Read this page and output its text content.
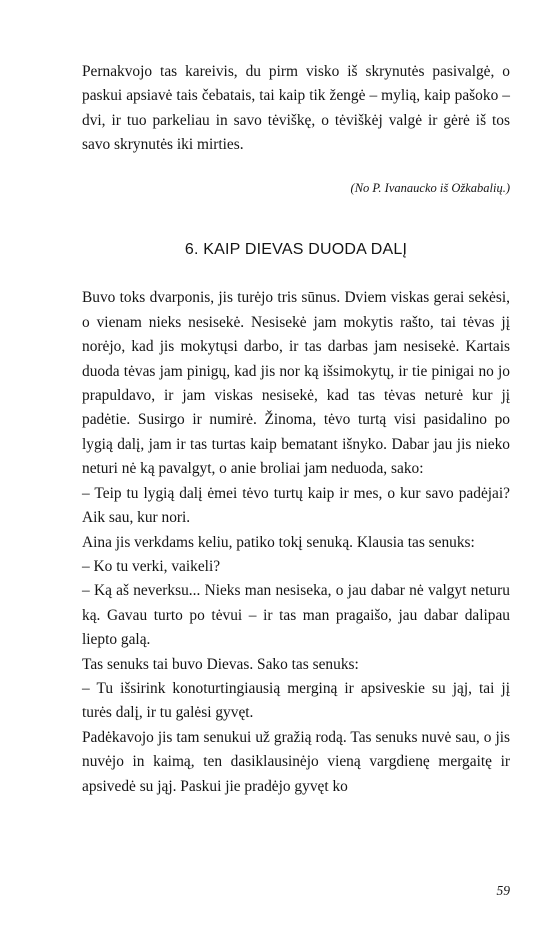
Pernakvojo tas kareivis, du pirm visko iš skrynutės pasivalgė, o paskui apsiavė tais čebatais, tai kaip tik žengė – mylią, kaip pašoko – dvi, ir tuo parkeliau in savo tėviškę, o tėviškėj valgė ir gėrė iš tos savo skrynutės iki mirties.

(No P. Ivanaucko iš Ožkabalių.)

6. KAIP DIEVAS DUODA DALĮ

Buvo toks dvarponis, jis turėjo tris sūnus. Dviem viskas gerai sekėsi, o vienam nieks nesisekė. Nesisekė jam mokytis rašto, tai tėvas jį norėjo, kad jis mokytųsi darbo, ir tas darbas jam nesisekė. Kartais duoda tėvas jam pinigų, kad jis nor ką išsimokytų, ir tie pinigai no jo prapuldavo, ir jam viskas nesisekė, kad tas tėvas neturė kur jį padėtie. Susirgo ir numirė. Žinoma, tėvo turtą visi pasidalino po lygią dalį, jam ir tas turtas kaip bematant išnyko. Dabar jau jis nieko neturi nė ką pavalgyt, o anie broliai jam neduoda, sako:

– Teip tu lygią dalį ėmei tėvo turtų kaip ir mes, o kur savo padėjai? Aik sau, kur nori.

Aina jis verkdams keliu, patiko tokį senuką. Klausia tas senuks:

– Ko tu verki, vaikeli?

– Ką aš neverksu... Nieks man nesiseka, o jau dabar nė valgyt neturu ką. Gavau turto po tėvui – ir tas man pragaišo, jau dabar dalipau liepto galą.

Tas senuks tai buvo Dievas. Sako tas senuks:

– Tu išsirink konoturtingiausią merginą ir apsiveskie su jąj, tai jį turės dalį, ir tu galėsi gyvęt.

Padėkavojo jis tam senukui už gražią rodą. Tas senuks nuvė sau, o jis nuvėjo in kaimą, ten dasiklausinėjo vieną vargdienę mergaitę ir apsivedė su jąj. Paskui jie pradėjo gyvęt ko

59
